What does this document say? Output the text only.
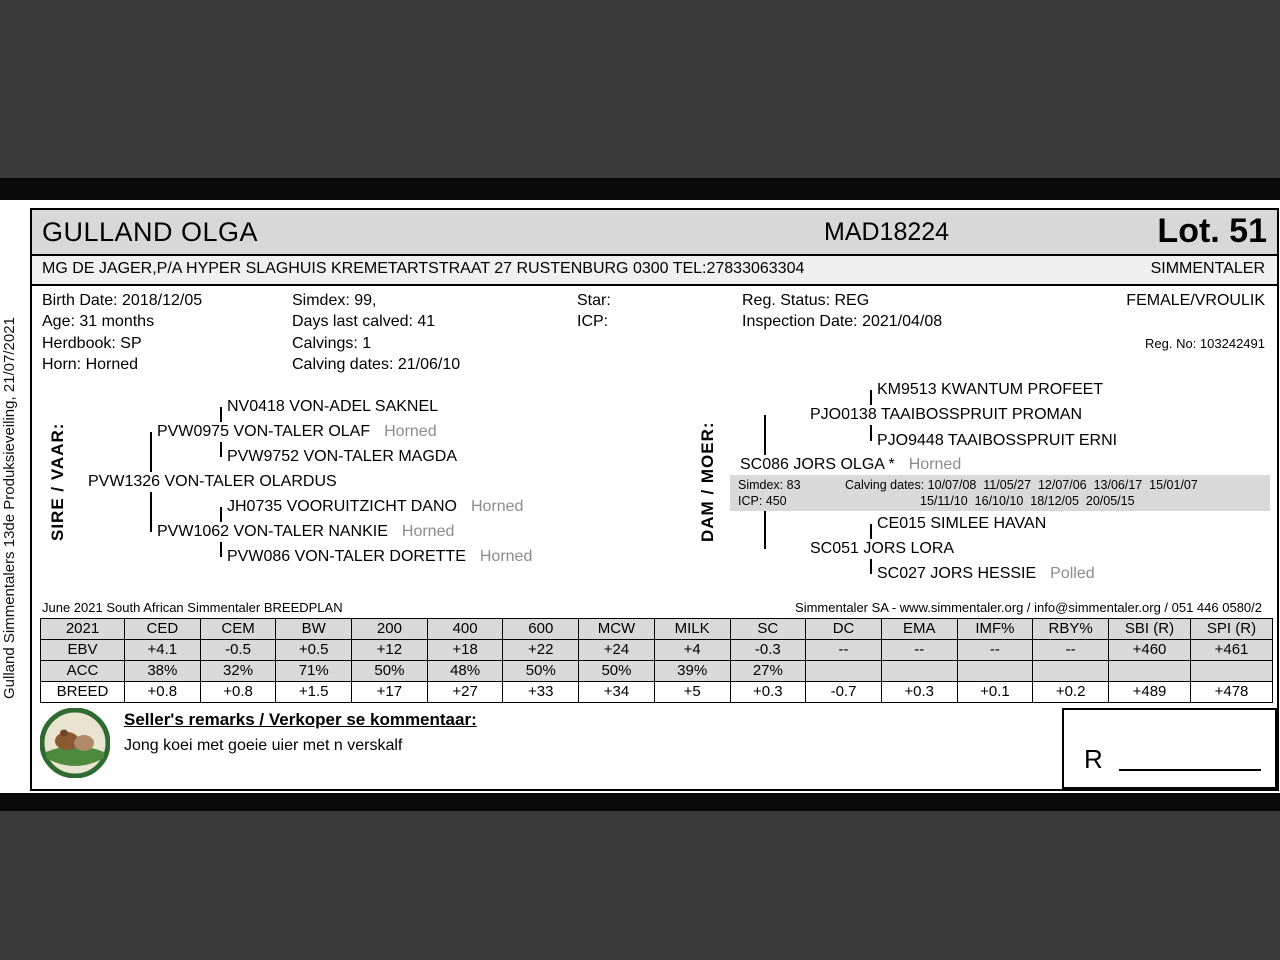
Gulland Simmentalers 13de Produksieveiling, 21/07/2021
GULLAND OLGA	MAD18224	Lot. 51
MG DE JAGER,P/A HYPER SLAGHUIS KREMETARTSTRAAT 27 RUSTENBURG 0300 TEL:27833063304	SIMMENTALER
Birth Date: 2018/12/05
Age: 31 months
Herdbook: SP
Horn: Horned
Simdex: 99,
Days last calved: 41
Calvings: 1
Calving dates: 21/06/10
Star:
ICP:
Reg. Status: REG
Inspection Date: 2021/04/08
FEMALE/VROULIK
Reg. No: 103242491
SIRE / VAAR:	DAM / MOER:
NV0418 VON-ADEL SAKNEL
PVW0975 VON-TALER OLAF Horned
PVW9752 VON-TALER MAGDA
PVW1326 VON-TALER OLARDUS
JH0735 VOORUITZICHT DANO Horned
PVW1062 VON-TALER NANKIE Horned
PVW086 VON-TALER DORETTE Horned
KM9513 KWANTUM PROFEET
PJO0138 TAAIBOSSPRUIT PROMAN
PJO9448 TAAIBOSSPRUIT ERNI
SC086 JORS OLGA * Horned
Simdex: 83	Calving dates: 10/07/08  11/05/27  12/07/06  13/06/17  15/01/07
ICP: 450	15/11/10  16/10/10  18/12/05  20/05/15
CE015 SIMLEE HAVAN
SC051 JORS LORA
SC027 JORS HESSIE Polled
June 2021 South African Simmentaler BREEDPLAN	Simmentaler SA - www.simmentaler.org / info@simmentaler.org / 051 446 0580/2
2021	CED	CEM	BW	200	400	600	MCW	MILK	SC	DC	EMA	IMF%	RBY%	SBI (R)	SPI (R)
EBV	+4.1	-0.5	+0.5	+12	+18	+22	+24	+4	-0.3	--	--	--	--	+460	+461
ACC	38%	32%	71%	50%	48%	50%	50%	39%	27%						
BREED	+0.8	+0.8	+1.5	+17	+27	+33	+34	+5	+0.3	-0.7	+0.3	+0.1	+0.2	+489	+478
Seller's remarks / Verkoper se kommentaar:
Jong koei met goeie uier met n verskalf	R
